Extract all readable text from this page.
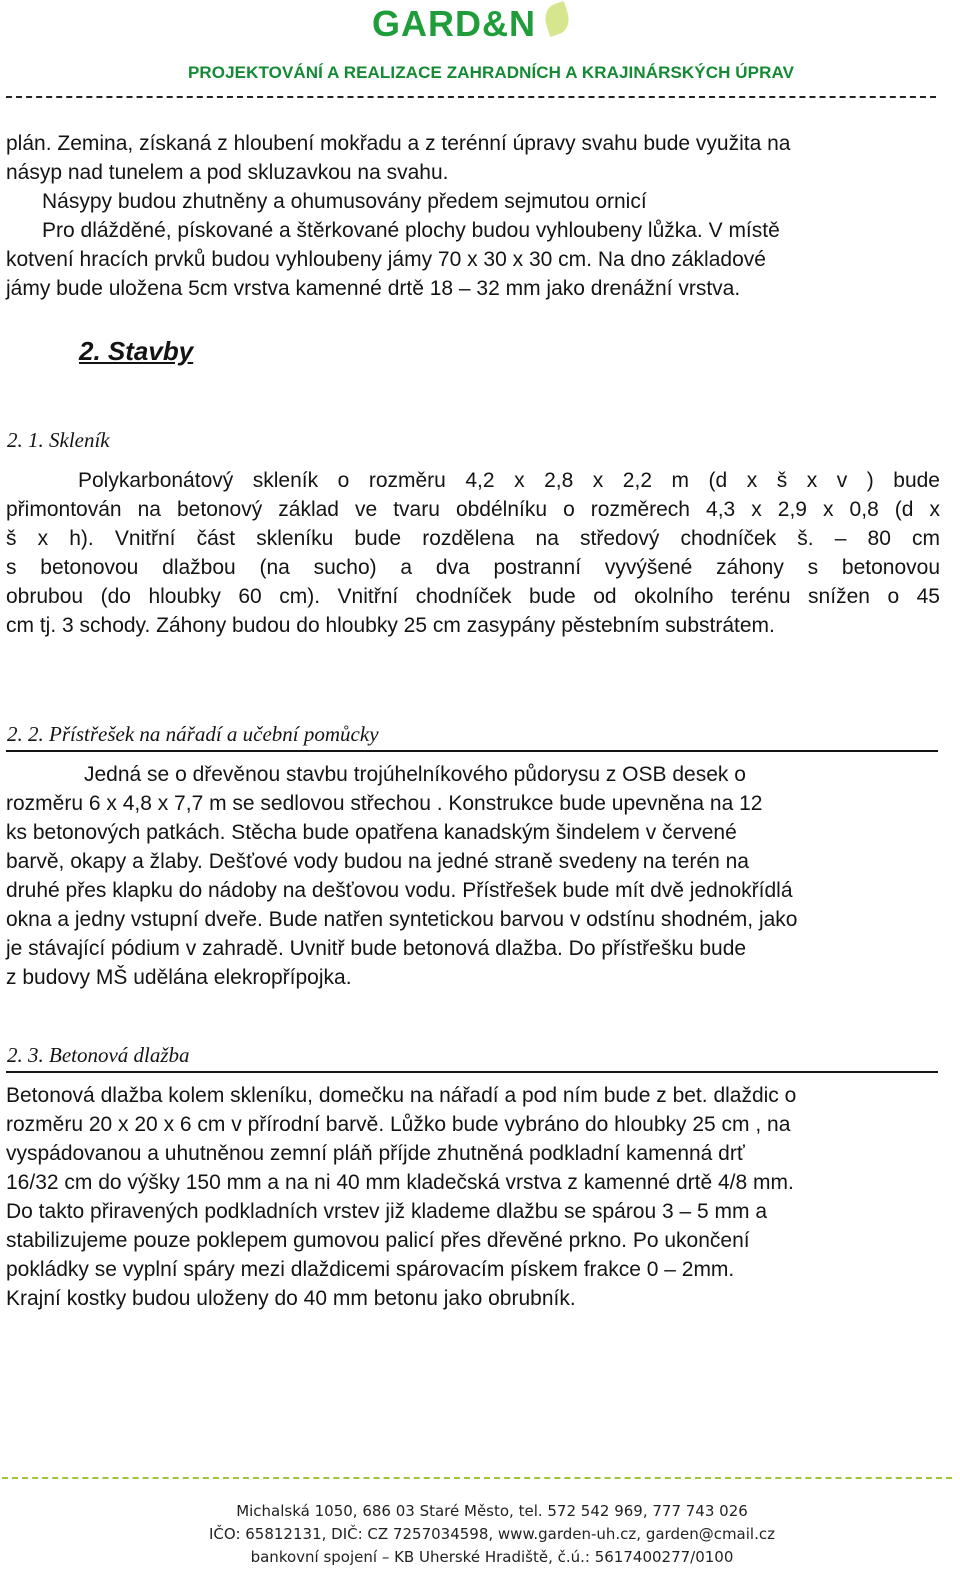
GARD&N
PROJEKTOVÁNÍ A REALIZACE ZAHRADNÍCH A KRAJINÁRSKÝCH ÚPRAV
plán. Zemina, získaná z hloubení mokřadu a z terénní úpravy svahu bude využita na
násyp nad tunelem a pod skluzavkou na svahu.
Násypy budou zhutněny a ohumusovány předem sejmutou ornicí
Pro dlážděné, pískované a štěrkované plochy budou vyhloubeny lůžka. V místě
kotvení hracích prvků budou vyhloubeny jámy 70 x 30 x 30 cm. Na dno základové
jámy bude uložena 5cm vrstva kamenné drtě 18 – 32 mm jako drenážní vrstva.
2. Stavby
2. 1. Skleník
Polykarbonátový skleník o rozměru 4,2 x 2,8 x 2,2 m (d x š x v ) bude
přimontován na betonový základ ve tvaru obdélníku o rozměrech 4,3 x 2,9 x 0,8 (d x
š x h). Vnitřní část skleníku bude rozdělena na středový chodníček š. – 80 cm
s betonovou dlažbou (na sucho) a dva postranní vyvýšené záhony s betonovou
obrubou (do hloubky 60 cm). Vnitřní chodníček bude od okolního terénu snížen o 45
cm tj. 3 schody. Záhony budou do hloubky 25 cm zasypány pěstebním substrátem.
2. 2. Přístřešek na nářadí a učební pomůcky
Jedná se o dřevěnou stavbu trojúhelníkového půdorysu z OSB desek o
rozměru 6 x 4,8 x 7,7 m se sedlovou střechou . Konstrukce bude upevněna na 12
ks betonových patkách. Stěcha bude opatřena kanadským šindelem v červené
barvě, okapy a žlaby. Dešťové vody budou na jedné straně svedeny na terén na
druhé přes klapku do nádoby na dešťovou vodu. Přístřešek bude mít dvě jednokřídlá
okna a jedny vstupní dveře. Bude natřen syntetickou barvou v odstínu shodném, jako
je stávající pódium v zahradě. Uvnitř bude betonová dlažba. Do přístřešku bude
z budovy MŠ udělána elekropřípojka.
2. 3. Betonová dlažba
Betonová dlažba kolem skleníku, domečku na nářadí a pod ním bude z bet. dlaždic o
rozměru 20 x 20 x 6 cm v přírodní barvě. Lůžko bude vybráno do hloubky 25 cm , na
vyspádovanou a uhutněnou zemní pláň příjde zhutněná podkladní kamenná drť
16/32 cm do výšky 150 mm a na ni 40 mm kladečská vrstva z kamenné drtě 4/8 mm.
Do takto přiravených podkladních vrstev již klademe dlažbu se spárou 3 – 5 mm a
stabilizujeme pouze poklepem gumovou palicí přes dřevěné prkno. Po ukončení
pokládky se vyplní spáry mezi dlaždicemi spárovacím pískem frakce 0 – 2mm.
Krajní kostky budou uloženy do 40 mm betonu jako obrubník.
Michalská 1050, 686 03 Staré Město, tel. 572 542 969, 777 743 026
IČO: 65812131, DIČ: CZ 7257034598, www.garden-uh.cz, garden@cmail.cz
bankovní spojení – KB Uherské Hradiště, č.ú.: 5617400277/0100
